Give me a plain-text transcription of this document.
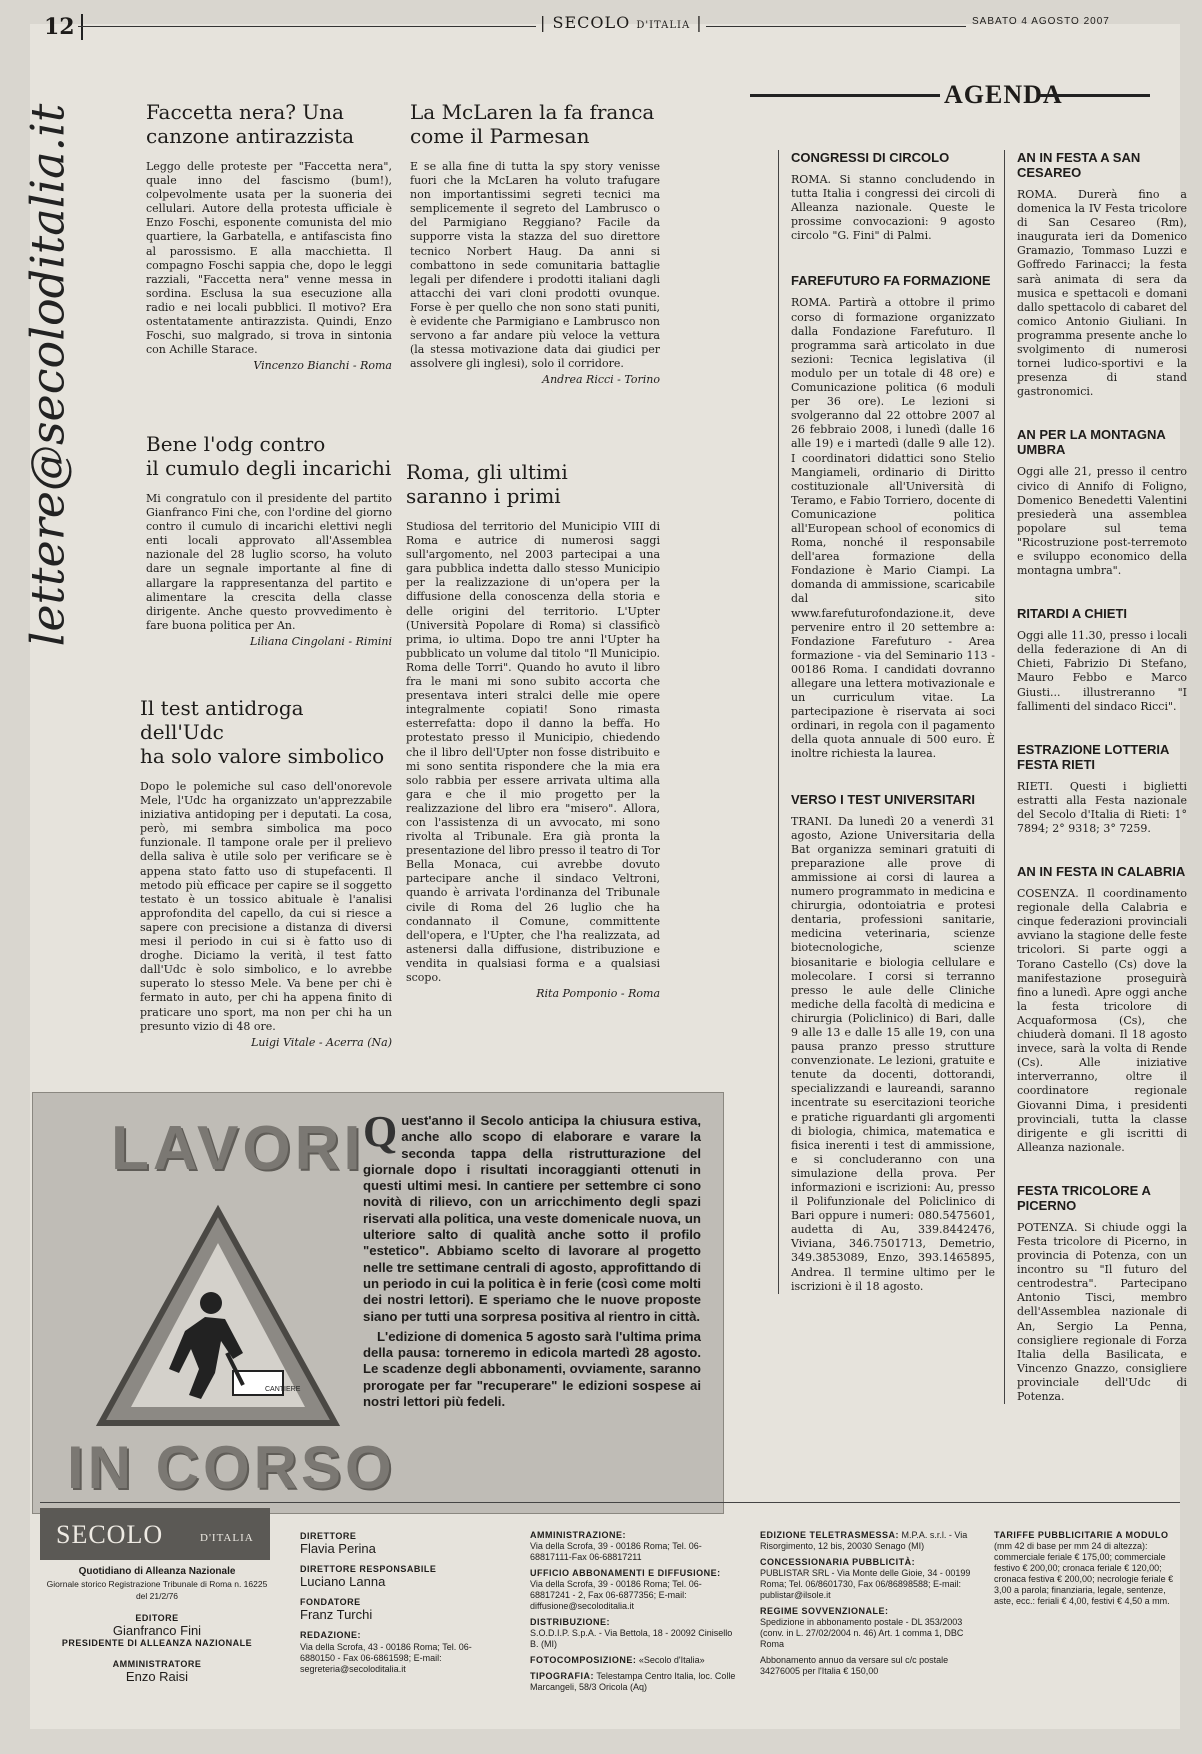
12	| SECOLO D'ITALIA |	SABATO 4 AGOSTO 2007
lettere@secoloditalia.it	Faccetta nera? Una
canzone antirazzista
Leggo delle proteste per "Faccetta nera", quale inno del fascismo (bum!), colpevolmente usata per la suoneria dei cellulari. Autore della protesta ufficiale è Enzo Foschi, esponente comunista del mio quartiere, la Garbatella, e antifascista fino al parossismo. E alla macchietta. Il compagno Foschi sappia che, dopo le leggi razziali, "Faccetta nera" venne messa in sordina. Esclusa la sua esecuzione alla radio e nei locali pubblici. Il motivo? Era ostentatamente antirazzista. Quindi, Enzo Foschi, suo malgrado, si trova in sintonia con Achille Starace.
Vincenzo Bianchi - Roma
Bene l'odg contro
il cumulo degli incarichi
Mi congratulo con il presidente del partito Gianfranco Fini che, con l'ordine del giorno contro il cumulo di incarichi elettivi negli enti locali approvato all'Assemblea nazionale del 28 luglio scorso, ha voluto dare un segnale importante al fine di allargare la rappresentanza del partito e alimentare la crescita della classe dirigente. Anche questo provvedimento è fare buona politica per An.
Liliana Cingolani - Rimini
Il test antidroga dell'Udc
ha solo valore simbolico
Dopo le polemiche sul caso dell'onorevole Mele, l'Udc ha organizzato un'apprezzabile iniziativa antidoping per i deputati. La cosa, però, mi sembra simbolica ma poco funzionale. Il tampone orale per il prelievo della saliva è utile solo per verificare se è appena stato fatto uso di stupefacenti. Il metodo più efficace per capire se il soggetto testato è un tossico abituale è l'analisi approfondita del capello, da cui si riesce a sapere con precisione a distanza di diversi mesi il periodo in cui si è fatto uso di droghe. Diciamo la verità, il test fatto dall'Udc è solo simbolico, e lo avrebbe superato lo stesso Mele. Va bene per chi è fermato in auto, per chi ha appena finito di praticare uno sport, ma non per chi ha un presunto vizio di 48 ore.
Luigi Vitale - Acerra (Na)
La McLaren la fa franca
come il Parmesan
E se alla fine di tutta la spy story venisse fuori che la McLaren ha voluto trafugare non importantissimi segreti tecnici ma semplicemente il segreto del Lambrusco o del Parmigiano Reggiano? Facile da supporre vista la stazza del suo direttore tecnico Norbert Haug. Da anni si combattono in sede comunitaria battaglie legali per difendere i prodotti italiani dagli attacchi dei vari cloni prodotti ovunque. Forse è per quello che non sono stati puniti, è evidente che Parmigiano e Lambrusco non servono a far andare più veloce la vettura (la stessa motivazione data dai giudici per assolvere gli inglesi), solo il corridore.
Andrea Ricci - Torino
Roma, gli ultimi
saranno i primi
Studiosa del territorio del Municipio VIII di Roma e autrice di numerosi saggi sull'argomento, nel 2003 partecipai a una gara pubblica indetta dallo stesso Municipio per la realizzazione di un'opera per la diffusione della conoscenza della storia e delle origini del territorio. L'Upter (Università Popolare di Roma) si classificò prima, io ultima. Dopo tre anni l'Upter ha pubblicato un volume dal titolo "Il Municipio. Roma delle Torri". Quando ho avuto il libro fra le mani mi sono subito accorta che presentava interi stralci delle mie opere integralmente copiati! Sono rimasta esterrefatta: dopo il danno la beffa. Ho protestato presso il Municipio, chiedendo che il libro dell'Upter non fosse distribuito e mi sono sentita rispondere che la mia era solo rabbia per essere arrivata ultima alla gara e che il mio progetto per la realizzazione del libro era "misero". Allora, con l'assistenza di un avvocato, mi sono rivolta al Tribunale. Era già pronta la presentazione del libro presso il teatro di Tor Bella Monaca, cui avrebbe dovuto partecipare anche il sindaco Veltroni, quando è arrivata l'ordinanza del Tribunale civile di Roma del 26 luglio che ha condannato il Comune, committente dell'opera, e l'Upter, che l'ha realizzata, ad astenersi dalla diffusione, distribuzione e vendita in qualsiasi forma e a qualsiasi scopo.
Rita Pomponio - Roma
AGENDA
CONGRESSI DI CIRCOLO
ROMA. Si stanno concludendo in tutta Italia i congressi dei circoli di Alleanza nazionale. Queste le prossime convocazioni: 9 agosto circolo "G. Fini" di Palmi.
FAREFUTURO FA FORMAZIONE
ROMA. Partirà a ottobre il primo corso di formazione organizzato dalla Fondazione Farefuturo. Il programma sarà articolato in due sezioni: Tecnica legislativa (il modulo per un totale di 48 ore) e Comunicazione politica (6 moduli per 36 ore). Le lezioni si svolgeranno dal 22 ottobre 2007 al 26 febbraio 2008, i lunedì (dalle 16 alle 19) e i martedì (dalle 9 alle 12). I coordinatori didattici sono Stelio Mangiameli, ordinario di Diritto costituzionale all'Università di Teramo, e Fabio Torriero, docente di Comunicazione politica all'European school of economics di Roma, nonché il responsabile dell'area formazione della Fondazione è Mario Ciampi. La domanda di ammissione, scaricabile dal sito www.farefuturofondazione.it, deve pervenire entro il 20 settembre a: Fondazione Farefuturo - Area formazione - via del Seminario 113 - 00186 Roma. I candidati dovranno allegare una lettera motivazionale e un curriculum vitae. La partecipazione è riservata ai soci ordinari, in regola con il pagamento della quota annuale di 500 euro. È inoltre richiesta la laurea.
VERSO I TEST UNIVERSITARI
TRANI. Da lunedì 20 a venerdì 31 agosto, Azione Universitaria della Bat organizza seminari gratuiti di preparazione alle prove di ammissione ai corsi di laurea a numero programmato in medicina e chirurgia, odontoiatria e protesi dentaria, professioni sanitarie, medicina veterinaria, scienze biotecnologiche, scienze biosanitarie e biologia cellulare e molecolare. I corsi si terranno presso le aule delle Cliniche mediche della facoltà di medicina e chirurgia (Policlinico) di Bari, dalle 9 alle 13 e dalle 15 alle 19, con una pausa pranzo presso strutture convenzionate. Le lezioni, gratuite e tenute da docenti, dottorandi, specializzandi e laureandi, saranno incentrate su esercitazioni teoriche e pratiche riguardanti gli argomenti di biologia, chimica, matematica e fisica inerenti i test di ammissione, e si concluderanno con una simulazione della prova. Per informazioni e iscrizioni: Au, presso il Polifunzionale del Policlinico di Bari oppure i numeri: 080.5475601, audetta di Au, 339.8442476, Viviana, 346.7501713, Demetrio, 349.3853089, Enzo, 393.1465895, Andrea. Il termine ultimo per le iscrizioni è il 18 agosto.
AN IN FESTA A SAN CESAREO
ROMA. Durerà fino a domenica la IV Festa tricolore di San Cesareo (Rm), inaugurata ieri da Domenico Gramazio, Tommaso Luzzi e Goffredo Farinacci; la festa sarà animata di sera da musica e spettacoli e domani dallo spettacolo di cabaret del comico Antonio Giuliani. In programma presente anche lo svolgimento di numerosi tornei ludico-sportivi e la presenza di stand gastronomici.
AN PER LA MONTAGNA UMBRA
Oggi alle 21, presso il centro civico di Annifo di Foligno, Domenico Benedetti Valentini presiederà una assemblea popolare sul tema "Ricostruzione post-terremoto e sviluppo economico della montagna umbra".
RITARDI A CHIETI
Oggi alle 11.30, presso i locali della federazione di An di Chieti, Fabrizio Di Stefano, Mauro Febbo e Marco Giusti... illustreranno "I fallimenti del sindaco Ricci".
ESTRAZIONE LOTTERIA FESTA RIETI
RIETI. Questi i biglietti estratti alla Festa nazionale del Secolo d'Italia di Rieti: 1° 7894; 2° 9318; 3° 7259.
AN IN FESTA IN CALABRIA
COSENZA. Il coordinamento regionale della Calabria e cinque federazioni provinciali avviano la stagione delle feste tricolori. Si parte oggi a Torano Castello (Cs) dove la manifestazione proseguirà fino a lunedì. Apre oggi anche la festa tricolore di Acquaformosa (Cs), che chiuderà domani. Il 18 agosto invece, sarà la volta di Rende (Cs). Alle iniziative interverranno, oltre il coordinatore regionale Giovanni Dima, i presidenti provinciali, tutta la classe dirigente e gli iscritti di Alleanza nazionale.
FESTA TRICOLORE A PICERNO
POTENZA. Si chiude oggi la Festa tricolore di Picerno, in provincia di Potenza, con un incontro su "Il futuro del centrodestra". Partecipano Antonio Tisci, membro dell'Assemblea nazionale di An, Sergio La Penna, consigliere regionale di Forza Italia della Basilicata, e Vincenzo Gnazzo, consigliere provinciale dell'Udc di Potenza.
LAVORI
CANTIERE
IN CORSO
Quest'anno il Secolo anticipa la chiusura estiva, anche allo scopo di elaborare e varare la seconda tappa della ristrutturazione del giornale dopo i risultati incoraggianti ottenuti in questi ultimi mesi. In cantiere per settembre ci sono novità di rilievo, con un arricchimento degli spazi riservati alla politica, una veste domenicale nuova, un ulteriore salto di qualità anche sotto il profilo "estetico". Abbiamo scelto di lavorare al progetto nelle tre settimane centrali di agosto, approfittando di un periodo in cui la politica è in ferie (così come molti dei nostri lettori). E speriamo che le nuove proposte siano per tutti una sorpresa positiva al rientro in città.
L'edizione di domenica 5 agosto sarà l'ultima prima della pausa: torneremo in edicola martedì 28 agosto. Le scadenze degli abbonamenti, ovviamente, saranno prorogate per far "recuperare" le edizioni sospese ai nostri lettori più fedeli.
SECOLO	D'ITALIA
Quotidiano di Alleanza Nazionale
Giornale storico Registrazione Tribunale di Roma n. 16225 del 21/2/76
EDITORE
Gianfranco Fini
PRESIDENTE DI ALLEANZA NAZIONALE
AMMINISTRATORE
Enzo Raisi
DIRETTORE
Flavia Perina
DIRETTORE RESPONSABILE
Luciano Lanna
FONDATORE
Franz Turchi
REDAZIONE:
Via della Scrofa, 43 - 00186 Roma; Tel. 06-6880150 - Fax 06-6861598; E-mail: segreteria@secoloditalia.it
AMMINISTRAZIONE:
Via della Scrofa, 39 - 00186 Roma; Tel. 06-68817111-Fax 06-68817211
UFFICIO ABBONAMENTI E DIFFUSIONE:
Via della Scrofa, 39 - 00186 Roma; Tel. 06-68817241 - 2, Fax 06-6877356; E-mail: diffusione@secoloditalia.it
DISTRIBUZIONE:
S.O.D.I.P. S.p.A. - Via Bettola, 18 - 20092 Cinisello B. (MI)
FOTOCOMPOSIZIONE: «Secolo d'Italia»
TIPOGRAFIA: Telestampa Centro Italia, loc. Colle Marcangeli, 58/3 Oricola (Aq)
EDIZIONE TELETRASMESSA: M.P.A. s.r.l. - Via Risorgimento, 12 bis, 20030 Senago (MI)
CONCESSIONARIA PUBBLICITÀ:
PUBLISTAR SRL - Via Monte delle Gioie, 34 - 00199 Roma; Tel. 06/8601730, Fax 06/86898588; E-mail: publistar@ilsole.it
REGIME SOVVENZIONALE:
Spedizione in abbonamento postale - DL 353/2003 (conv. in L. 27/02/2004 n. 46) Art. 1 comma 1, DBC Roma
Abbonamento annuo da versare sul c/c postale 34276005 per l'Italia € 150,00
TARIFFE PUBBLICITARIE A MODULO
(mm 42 di base per mm 24 di altezza): commerciale feriale € 175,00; commerciale festivo € 200,00; cronaca feriale € 120,00; cronaca festiva € 200,00; necrologie feriale € 3,00 a parola; finanziaria, legale, sentenze, aste, ecc.: feriali € 4,00, festivi € 4,50 a mm.
